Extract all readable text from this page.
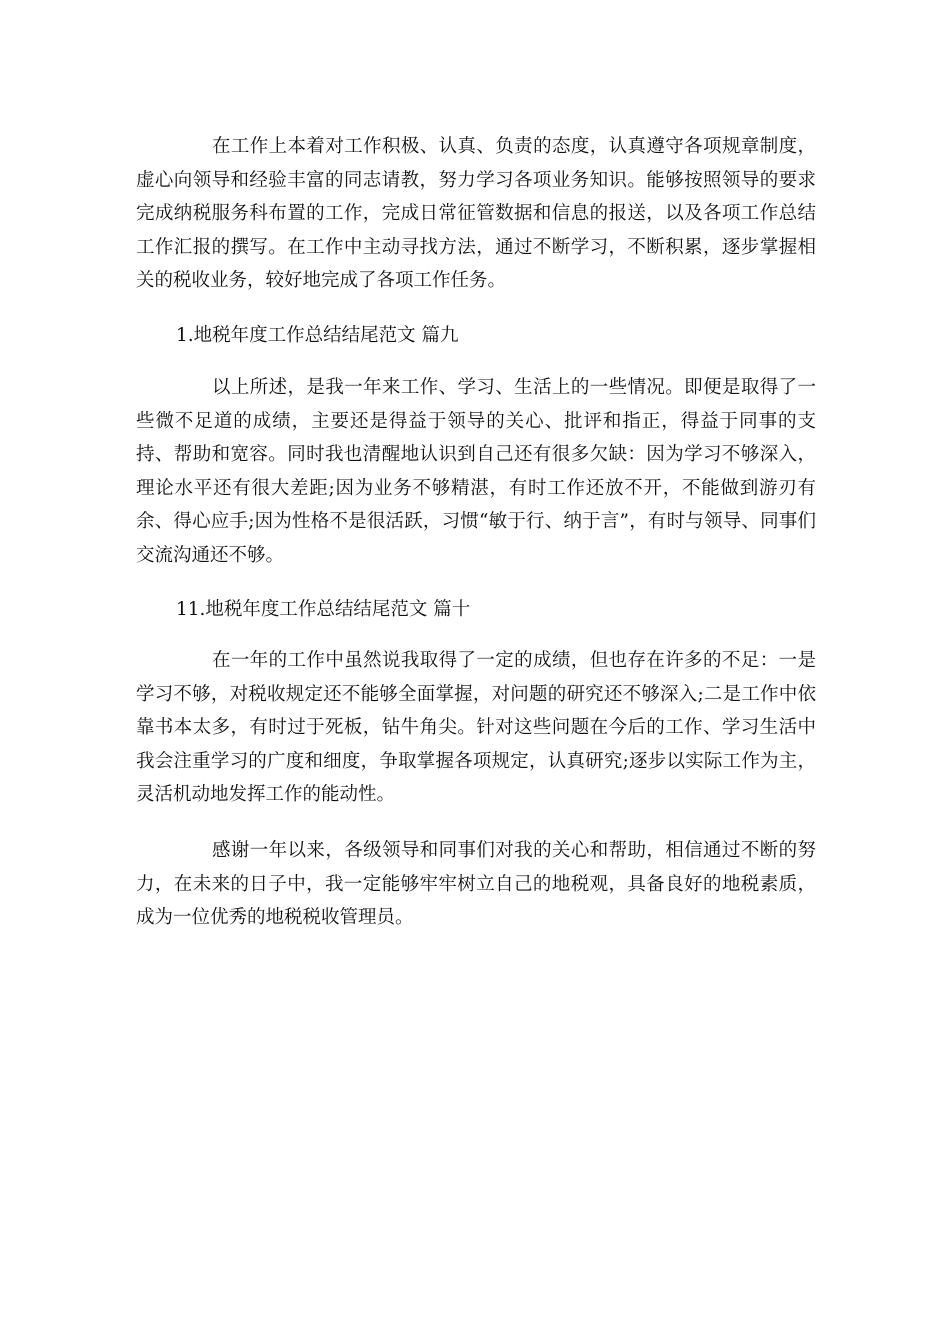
在工作上本着对工作积极、认真、负责的态度，认真遵守各项规章制度，虚心向领导和经验丰富的同志请教，努力学习各项业务知识。能够按照领导的要求完成纳税服务科布置的工作，完成日常征管数据和信息的报送，以及各项工作总结工作汇报的撰写。在工作中主动寻找方法，通过不断学习，不断积累，逐步掌握相关的税收业务，较好地完成了各项工作任务。

1.地税年度工作总结结尾范文 篇九

以上所述，是我一年来工作、学习、生活上的一些情况。即便是取得了一些微不足道的成绩，主要还是得益于领导的关心、批评和指正，得益于同事的支持、帮助和宽容。同时我也清醒地认识到自己还有很多欠缺：因为学习不够深入，理论水平还有很大差距;因为业务不够精湛，有时工作还放不开，不能做到游刃有余、得心应手;因为性格不是很活跃，习惯“敏于行、纳于言”，有时与领导、同事们交流沟通还不够。

11.地税年度工作总结结尾范文 篇十

在一年的工作中虽然说我取得了一定的成绩，但也存在许多的不足：一是学习不够，对税收规定还不能够全面掌握，对问题的研究还不够深入;二是工作中依靠书本太多，有时过于死板，钻牛角尖。针对这些问题在今后的工作、学习生活中我会注重学习的广度和细度，争取掌握各项规定，认真研究;逐步以实际工作为主，灵活机动地发挥工作的能动性。

感谢一年以来，各级领导和同事们对我的关心和帮助，相信通过不断的努力，在未来的日子中，我一定能够牢牢树立自己的地税观，具备良好的地税素质，成为一位优秀的地税税收管理员。
